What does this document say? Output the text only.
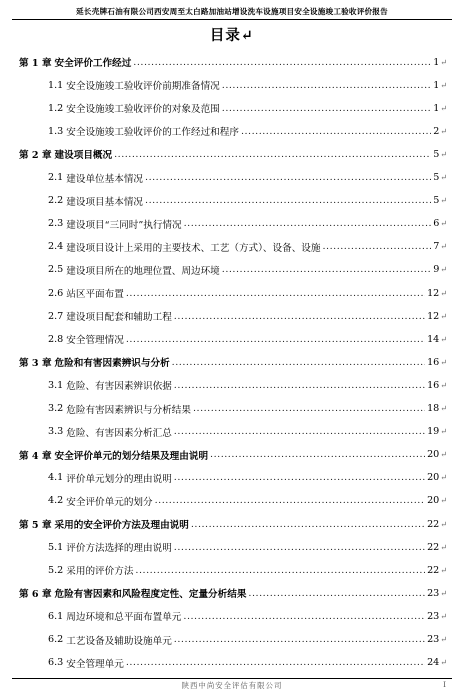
延长壳牌石油有限公司西安周至太白路加油站增设洗车设施项目安全设施竣工验收评价报告
目录↵
第 1 章 安全评价工作经过 .....	1↵
1.1 安全设施竣工验收评价前期准备情况 .....	1↵
1.2 安全设施竣工验收评价的对象及范围 .....	1↵
1.3 安全设施竣工验收评价的工作经过和程序 .....	2↵
第 2 章 建设项目概况 .....	5↵
2.1 建设单位基本情况 .....	5↵
2.2 建设项目基本情况 .....	5↵
2.3 建设项目“三同时”执行情况 .....	6↵
2.4 建设项目设计上采用的主要技术、工艺（方式）、设备、设施 .....	7↵
2.5 建设项目所在的地理位置、周边环境 .....	9↵
2.6 站区平面布置 .....	12↵
2.7 建设项目配套和辅助工程 .....	12↵
2.8 安全管理情况 .....	14↵
第 3 章 危险和有害因素辨识与分析 .....	16↵
3.1 危险、有害因素辨识依据 .....	16↵
3.2 危险有害因素辨识与分析结果 .....	18↵
3.3 危险、有害因素分析汇总 .....	19↵
第 4 章 安全评价单元的划分结果及理由说明 .....	20↵
4.1 评价单元划分的理由说明 .....	20↵
4.2 安全评价单元的划分 .....	20↵
第 5 章 采用的安全评价方法及理由说明 .....	22↵
5.1 评价方法选择的理由说明 .....	22↵
5.2 采用的评价方法 .....	22↵
第 6 章 危险有害因素和风险程度定性、定量分析结果 .....	23↵
6.1 周边环境和总平面布置单元 .....	23↵
6.2 工艺设备及辅助设施单元 .....	23↵
6.3 安全管理单元 .....	24↵
陕西中尚安全评估有限公司	I
